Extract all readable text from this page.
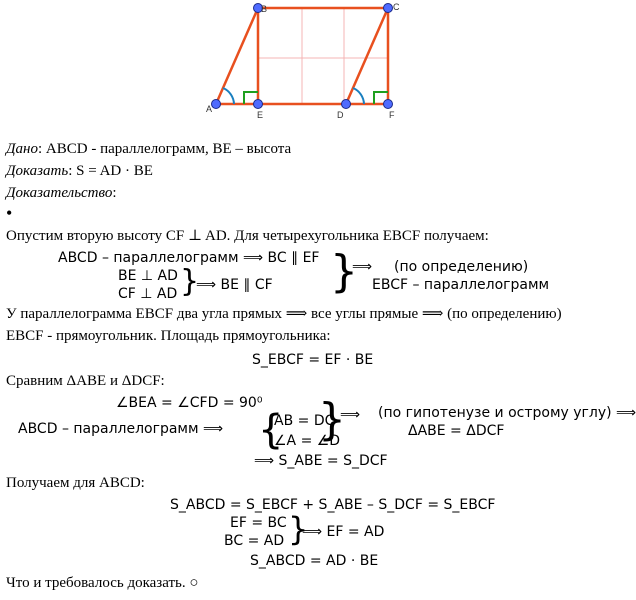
A
B	C
D
E	F
Дано: ABCD - параллелограмм, BE – высота
Доказать: S = AD · BE
Доказательство:
•
Опустим вторую высоту CF ⊥ AD. Для четырехугольника EBCF получаем:
ABCD – параллелограмм ⟹ BC ∥ EF
BE ⊥ AD
CF ⊥ AD }
⟹ BE ∥ CF }
⟹ (по определению)
EBCF – параллелограмм
У параллелограмма EBCF два угла прямых ⟹ все углы прямые ⟹ (по определению)
EBCF - прямоугольник. Площадь прямоугольника:
S_EBCF = EF · BE
Сравним ΔABE и ΔDCF:
∠BEA = ∠CFD = 90⁰
ABCD – параллелограмм ⟹ {
AB = DC
∠A = ∠D
}
⟹ (по гипотенузе и острому углу) ⟹
ΔABE = ΔDCF
⟹ S_ABE = S_DCF
Получаем для ABCD:
S_ABCD = S_EBCF + S_ABE – S_DCF = S_EBCF
EF = BC
BC = AD }
⟹ EF = AD
S_ABCD = AD · BE
Что и требовалось доказать. ○
